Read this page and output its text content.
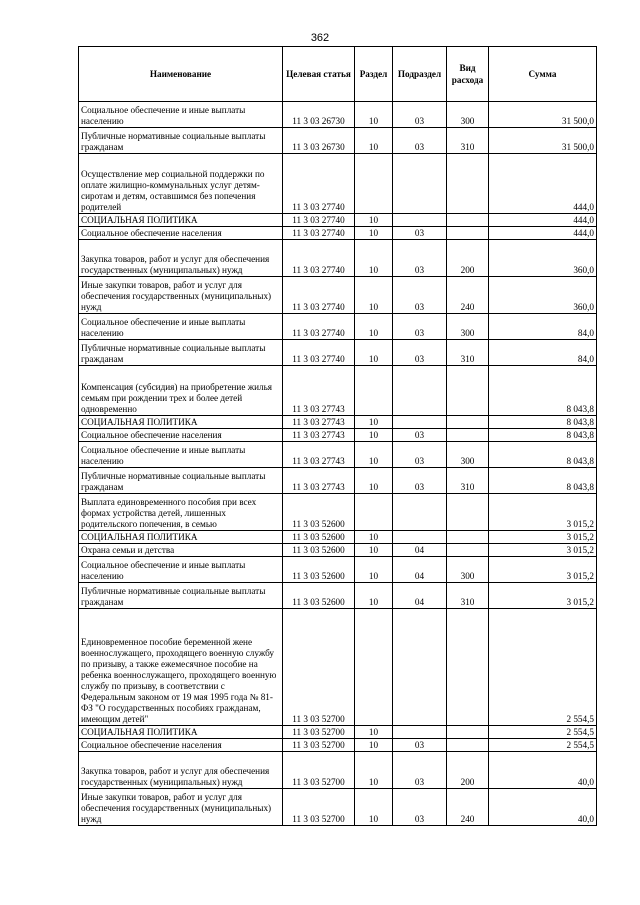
362
Наименование	Целевая статья	Раздел	Подраздел	Вид расхода	Сумма
Социальное обеспечение и иные выплаты населению	11 3 03 26730	10	03	300	31 500,0
Публичные нормативные социальные выплаты гражданам	11 3 03 26730	10	03	310	31 500,0
Осуществление мер социальной поддержки по оплате жилищно-коммунальных услуг детям-сиротам и детям, оставшимся без попечения родителей	11 3 03 27740				444,0
СОЦИАЛЬНАЯ ПОЛИТИКА	11 3 03 27740	10			444,0
Социальное обеспечение населения	11 3 03 27740	10	03		444,0
Закупка товаров, работ и услуг для обеспечения государственных (муниципальных) нужд	11 3 03 27740	10	03	200	360,0
Иные закупки товаров, работ и услуг для обеспечения государственных (муниципальных) нужд	11 3 03 27740	10	03	240	360,0
Социальное обеспечение и иные выплаты населению	11 3 03 27740	10	03	300	84,0
Публичные нормативные социальные выплаты гражданам	11 3 03 27740	10	03	310	84,0
Компенсация (субсидия) на приобретение жилья семьям при рождении трех и более детей одновременно	11 3 03 27743				8 043,8
СОЦИАЛЬНАЯ ПОЛИТИКА	11 3 03 27743	10			8 043,8
Социальное обеспечение населения	11 3 03 27743	10	03		8 043,8
Социальное обеспечение и иные выплаты населению	11 3 03 27743	10	03	300	8 043,8
Публичные нормативные социальные выплаты гражданам	11 3 03 27743	10	03	310	8 043,8
Выплата единовременного пособия при всех формах устройства детей, лишенных родительского попечения, в семью	11 3 03 52600				3 015,2
СОЦИАЛЬНАЯ ПОЛИТИКА	11 3 03 52600	10			3 015,2
Охрана семьи и детства	11 3 03 52600	10	04		3 015,2
Социальное обеспечение и иные выплаты населению	11 3 03 52600	10	04	300	3 015,2
Публичные нормативные социальные выплаты гражданам	11 3 03 52600	10	04	310	3 015,2
Единовременное пособие беременной жене военнослужащего, проходящего военную службу по призыву, а также ежемесячное пособие на ребенка военнослужащего, проходящего военную службу по призыву, в соответствии с Федеральным законом от 19 мая 1995 года № 81-ФЗ "О государственных пособиях гражданам, имеющим детей"	11 3 03 52700				2 554,5
СОЦИАЛЬНАЯ ПОЛИТИКА	11 3 03 52700	10			2 554,5
Социальное обеспечение населения	11 3 03 52700	10	03		2 554,5
Закупка товаров, работ и услуг для обеспечения государственных (муниципальных) нужд	11 3 03 52700	10	03	200	40,0
Иные закупки товаров, работ и услуг для обеспечения государственных (муниципальных) нужд	11 3 03 52700	10	03	240	40,0
